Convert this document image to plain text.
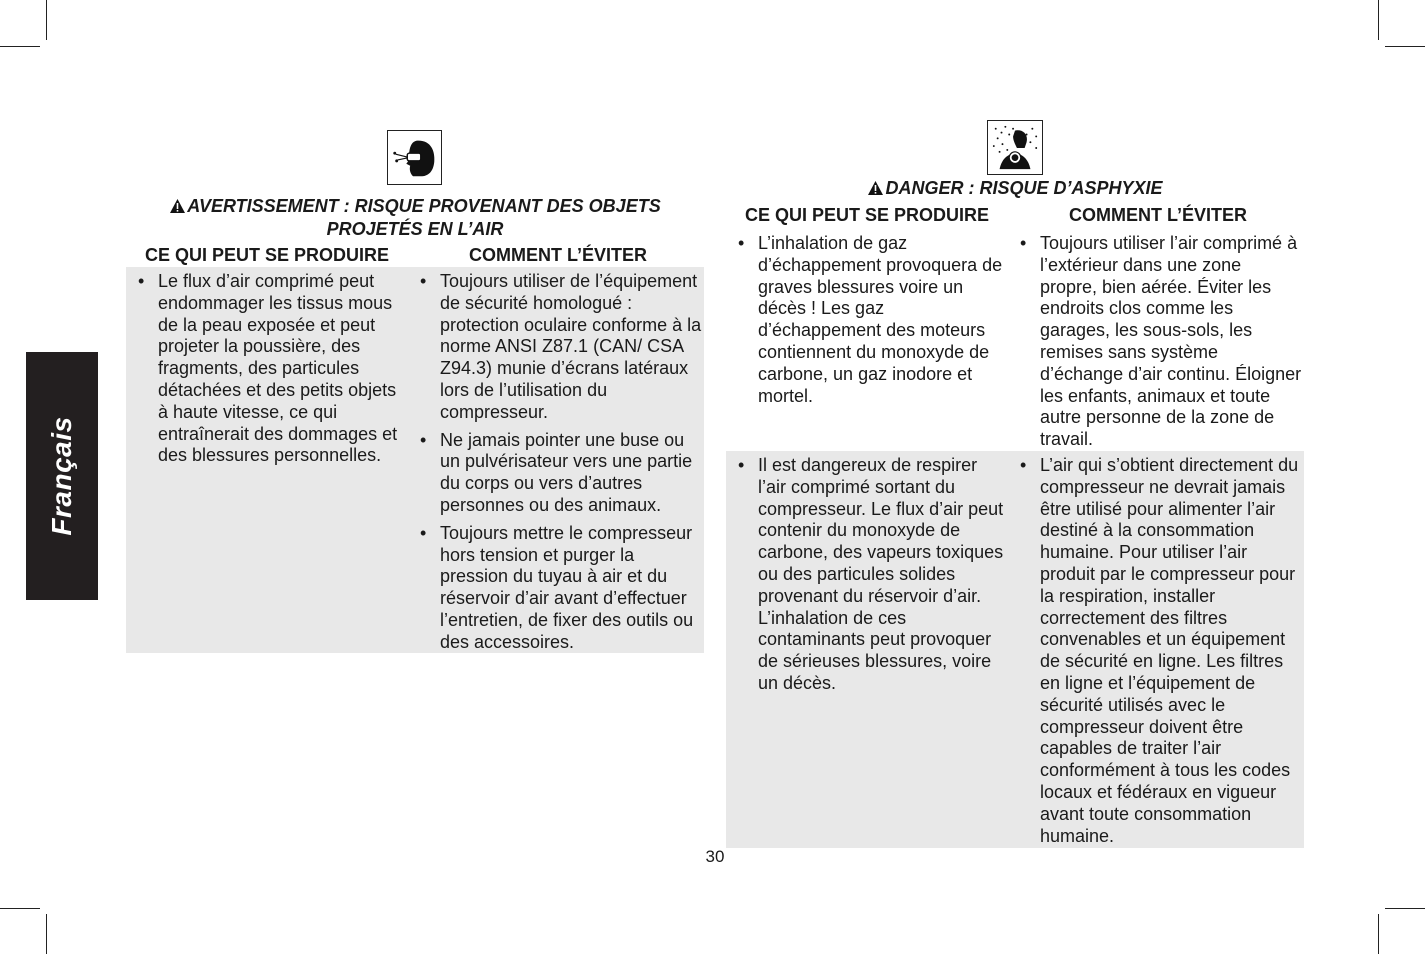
Français
AVERTISSEMENT : RISQUE PROVENANT DES OBJETS
PROJETÉS EN L’AIR
CE QUI PEUT SE PRODUIRE	COMMENT L’ÉVITER
• Le flux d’air comprimé peut endommager les tissus mous de la peau exposée et peut projeter la poussière, des fragments, des particules détachées et des petits objets à haute vitesse, ce qui entraînerait des dommages et des blessures personnelles.
• Toujours utiliser de l’équipement de sécurité homologué : protection oculaire conforme à la norme ANSI Z87.1 (CAN/ CSA Z94.3) munie d’écrans latéraux lors de l’utilisation du compresseur.
• Ne jamais pointer une buse ou un pulvérisateur vers une partie du corps ou vers d’autres personnes ou des animaux.
• Toujours mettre le compresseur hors tension et purger la pression du tuyau à air et du réservoir d’air avant d’effectuer l’entretien, de fixer des outils ou des accessoires.
DANGER : RISQUE D’ASPHYXIE
CE QUI PEUT SE PRODUIRE	COMMENT L’ÉVITER
• L’inhalation de gaz d’échappement provoquera de graves blessures voire un décès ! Les gaz d’échappement des moteurs contiennent du monoxyde de carbone, un gaz inodore et mortel.
• Toujours utiliser l’air comprimé à l’extérieur dans une zone propre, bien aérée. Éviter les endroits clos comme les garages, les sous-sols, les remises sans système d’échange d’air continu. Éloigner les enfants, animaux et toute autre personne de la zone de travail.
• Il est dangereux de respirer l’air comprimé sortant du compresseur. Le flux d’air peut contenir du monoxyde de carbone, des vapeurs toxiques ou des particules solides provenant du réservoir d’air. L’inhalation de ces contaminants peut provoquer de sérieuses blessures, voire un décès.
• L’air qui s’obtient directement du compresseur ne devrait jamais être utilisé pour alimenter l’air destiné à la consommation humaine. Pour utiliser l’air produit par le compresseur pour la respiration, installer correctement des filtres convenables et un équipement de sécurité en ligne. Les filtres en ligne et l’équipement de sécurité utilisés avec le compresseur doivent être capables de traiter l’air conformément à tous les codes locaux et fédéraux en vigueur avant toute consommation humaine.
30
